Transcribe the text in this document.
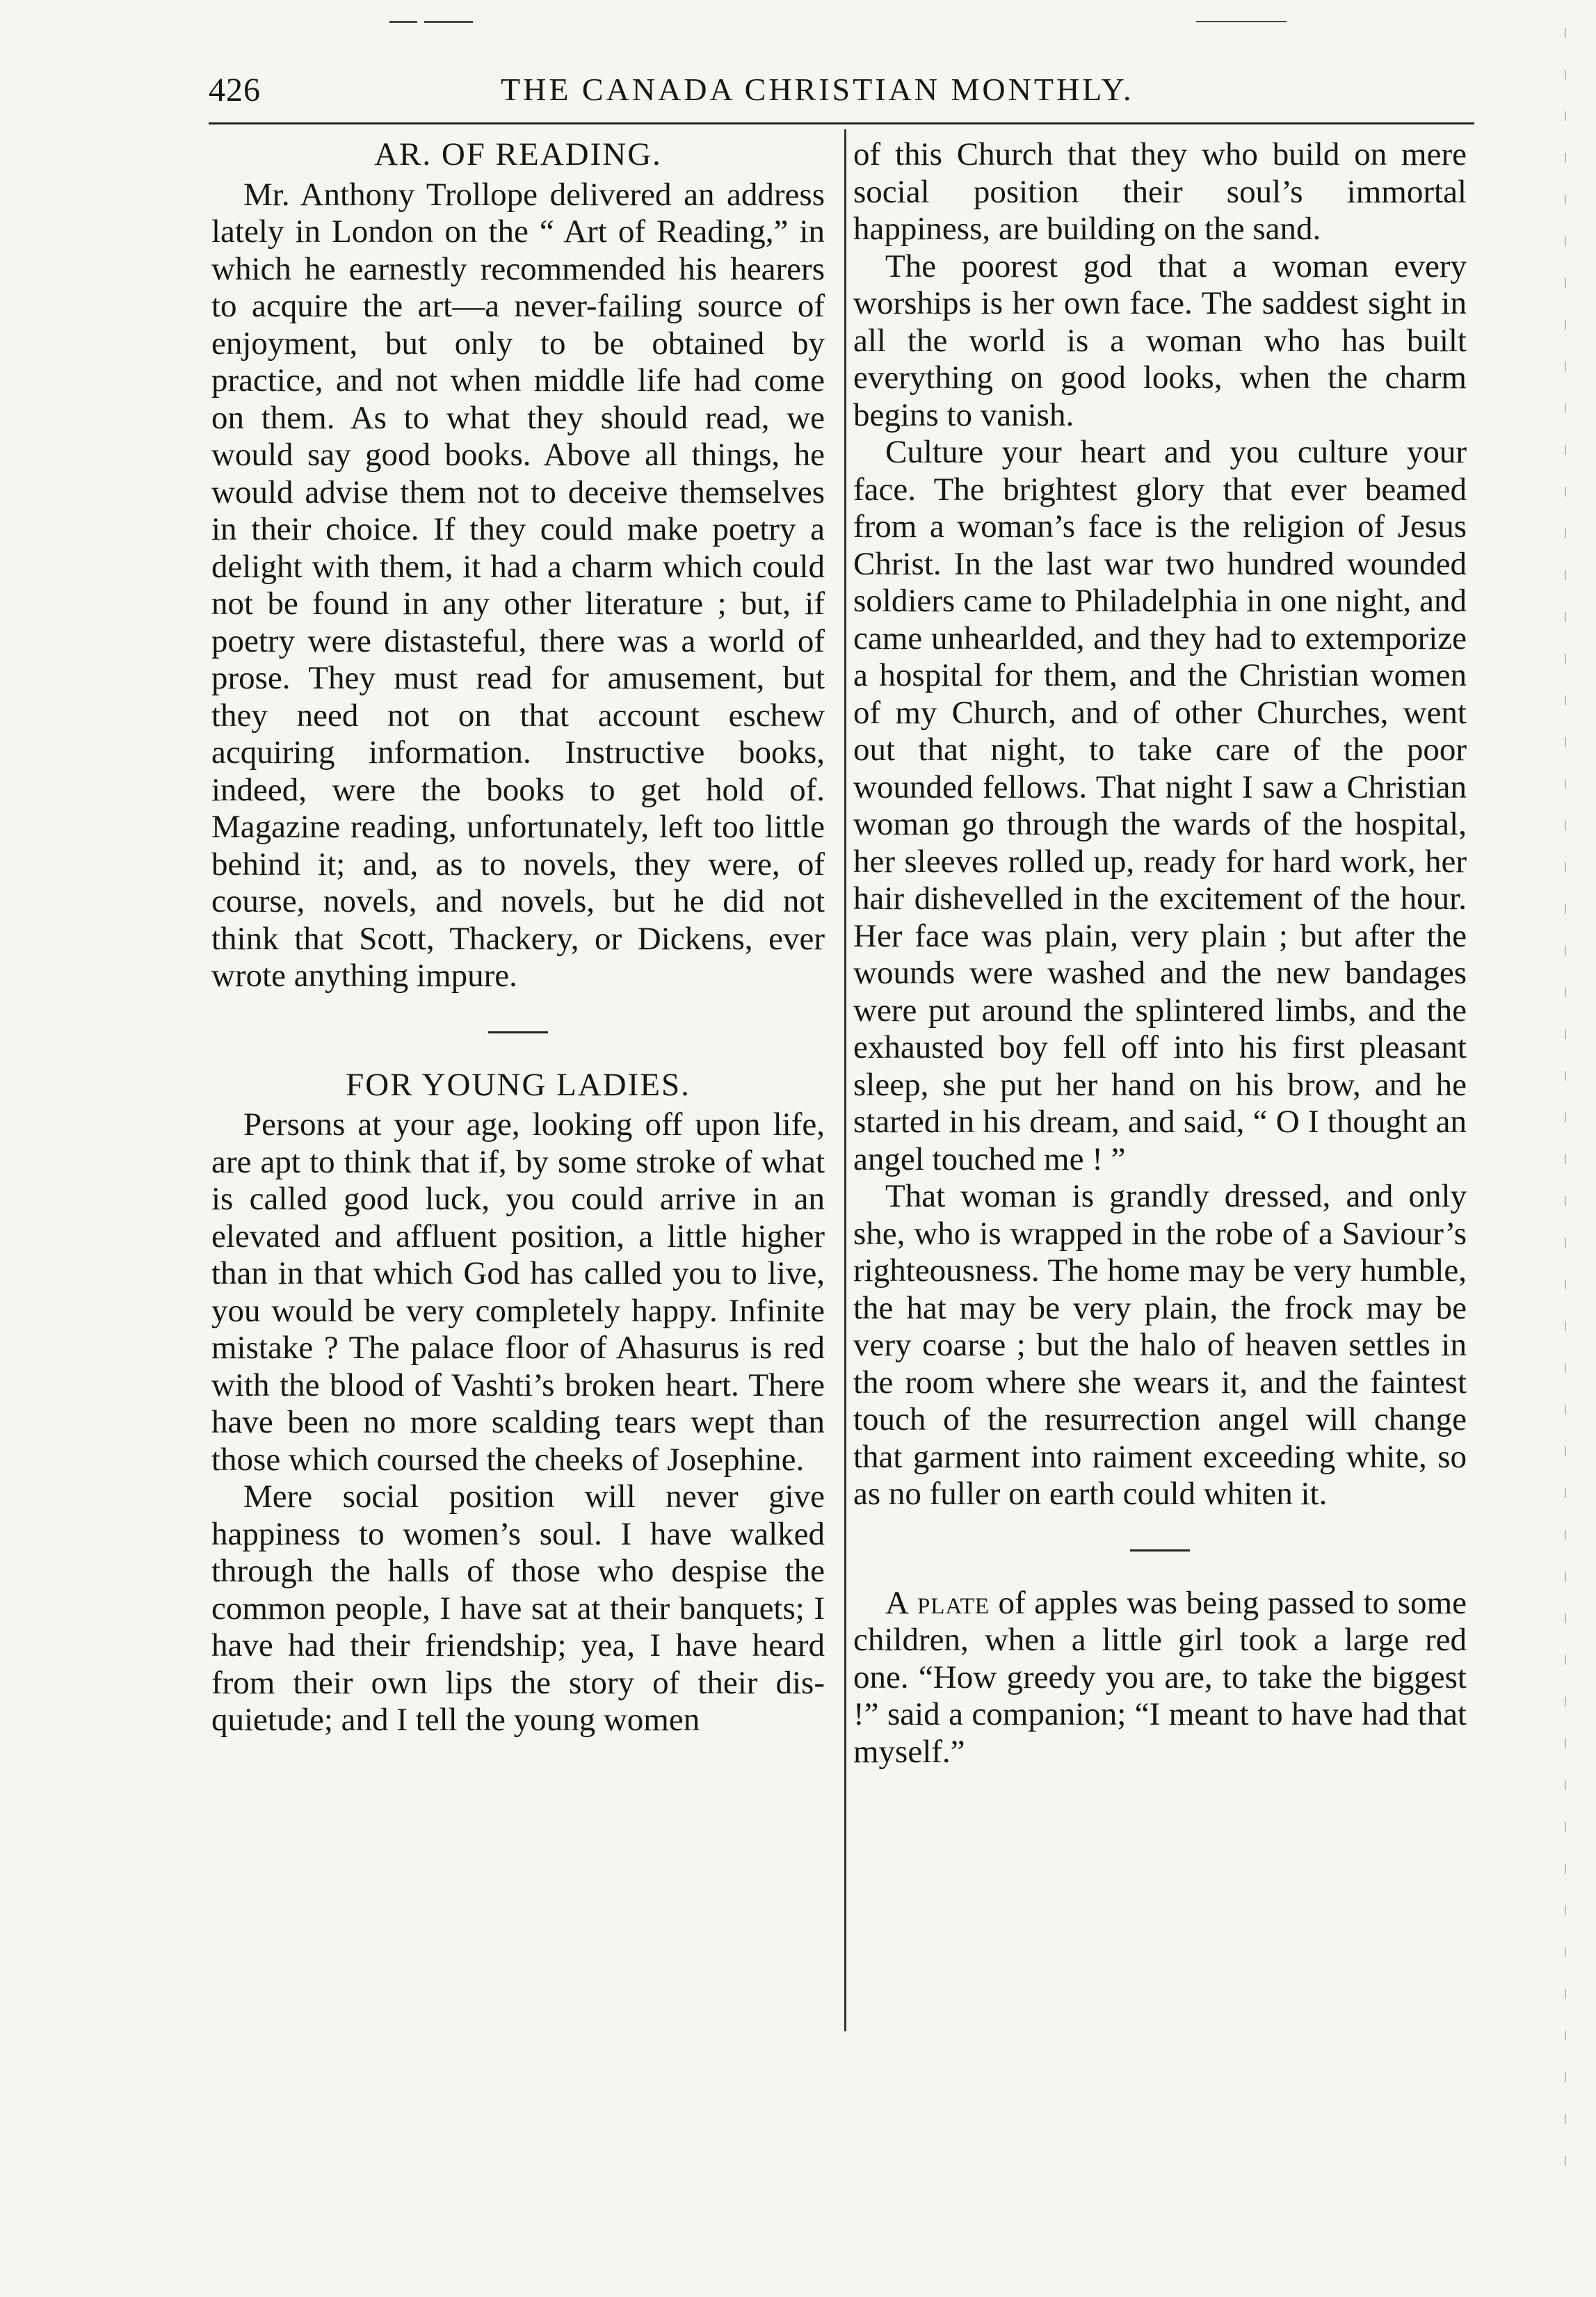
426	THE CANADA CHRISTIAN MONTHLY.
AR. OF READING.

Mr. Anthony Trollope delivered an address lately in London on the “ Art of Reading,” in which he earnestly recommended his hearers to acquire the art—a never-failing source of enjoyment, but only to be obtained by practice, and not when middle life had come on them. As to what they should read, we would say good books. Above all things, he would advise them not to deceive themselves in their choice. If they could make poetry a delight with them, it had a charm which could not be found in any other literature ; but, if poetry were distasteful, there was a world of prose. They must read for amusement, but they need not on that account eschew acquiring information. Instructive books, indeed, were the books to get hold of. Magazine reading, unfortunately, left too little behind it; and, as to novels, they were, of course, novels, and novels, but he did not think that Scott, Thackery, or Dickens, ever wrote anything impure.

FOR YOUNG LADIES.

Persons at your age, looking off upon life, are apt to think that if, by some stroke of what is called good luck, you could arrive in an elevated and affluent position, a little higher than in that which God has called you to live, you would be very completely happy. Infinite mistake ? The palace floor of Ahasurus is red with the blood of Vashti’s broken heart. There have been no more scalding tears wept than those which coursed the cheeks of Josephine.

Mere social position will never give happiness to women’s soul. I have walked through the halls of those who despise the common people, I have sat at their banquets; I have had their friendship; yea, I have heard from their own lips the story of their disquietude; and I tell the young women

of this Church that they who build on mere social position their soul’s immortal happiness, are building on the sand.

The poorest god that a woman every worships is her own face. The saddest sight in all the world is a woman who has built everything on good looks, when the charm begins to vanish.

Culture your heart and you culture your face. The brightest glory that ever beamed from a woman’s face is the religion of Jesus Christ. In the last war two hundred wounded soldiers came to Philadelphia in one night, and came unhearlded, and they had to extemporize a hospital for them, and the Christian women of my Church, and of other Churches, went out that night, to take care of the poor wounded fellows. That night I saw a Christian woman go through the wards of the hospital, her sleeves rolled up, ready for hard work, her hair dishevelled in the excitement of the hour. Her face was plain, very plain ; but after the wounds were washed and the new bandages were put around the splintered limbs, and the exhausted boy fell off into his first pleasant sleep, she put her hand on his brow, and he started in his dream, and said, “ O I thought an angel touched me ! ”

That woman is grandly dressed, and only she, who is wrapped in the robe of a Saviour’s righteousness. The home may be very humble, the hat may be very plain, the frock may be very coarse ; but the halo of heaven settles in the room where she wears it, and the faintest touch of the resurrection angel will change that garment into raiment exceeding white, so as no fuller on earth could whiten it.

A plate of apples was being passed to some children, when a little girl took a large red one. “How greedy you are, to take the biggest !” said a companion; “I meant to have had that myself.”
